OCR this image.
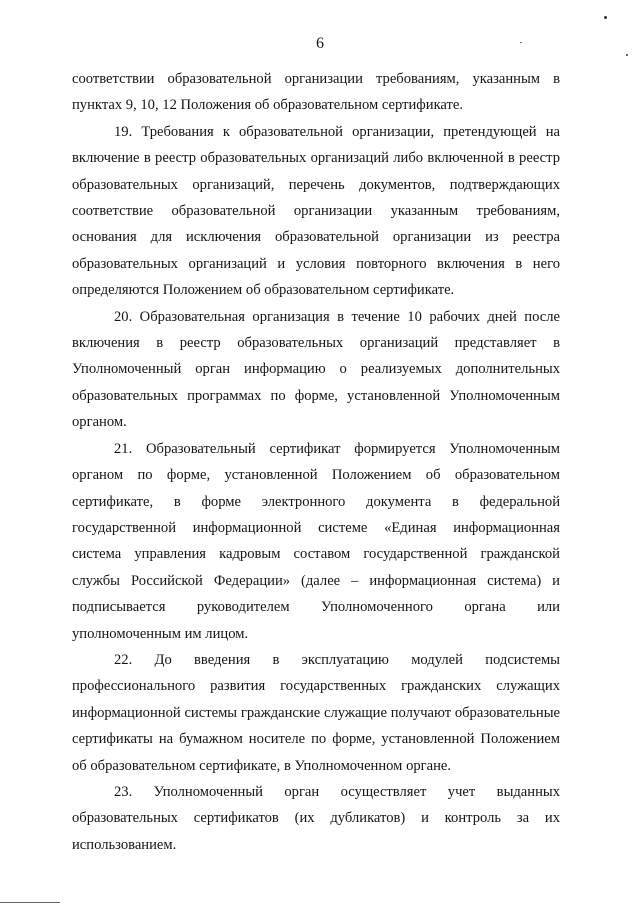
6

соответствии образовательной организации требованиям, указанным в
пунктах 9, 10, 12 Положения об образовательном сертификате.

19. Требования к образовательной организации, претендующей на
включение в реестр образовательных организаций либо включенной в реестр
образовательных организаций, перечень документов, подтверждающих
соответствие образовательной организации указанным требованиям,
основания для исключения образовательной организации из реестра
образовательных организаций и условия повторного включения в него
определяются Положением об образовательном сертификате.

20. Образовательная организация в течение 10 рабочих дней после
включения в реестр образовательных организаций представляет в
Уполномоченный орган информацию о реализуемых дополнительных
образовательных программах по форме, установленной Уполномоченным
органом.

21. Образовательный сертификат формируется Уполномоченным
органом по форме, установленной Положением об образовательном
сертификате, в форме электронного документа в федеральной
государственной информационной системе «Единая информационная
система управления кадровым составом государственной гражданской
службы Российской Федерации» (далее – информационная система) и
подписывается руководителем Уполномоченного органа или
уполномоченным им лицом.

22. До введения в эксплуатацию модулей подсистемы
профессионального развития государственных гражданских служащих
информационной системы гражданские служащие получают образовательные
сертификаты на бумажном носителе по форме, установленной Положением
об образовательном сертификате, в Уполномоченном органе.

23. Уполномоченный орган осуществляет учет выданных
образовательных сертификатов (их дубликатов) и контроль за их
использованием.
